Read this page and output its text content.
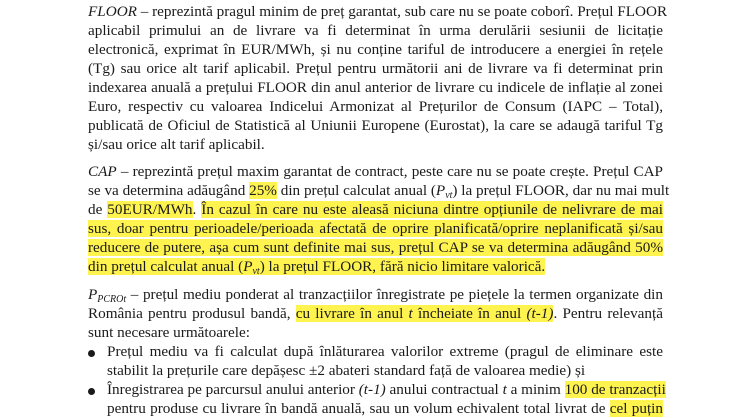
FLOOR – reprezintă pragul minim de preț garantat, sub care nu se poate coborî. Prețul FLOOR
aplicabil primului an de livrare va fi determinat în urma derulării sesiunii de licitație
electronică, exprimat în EUR/MWh, și nu conține tariful de introducere a energiei în rețele
(Tg) sau orice alt tarif aplicabil. Prețul pentru următorii ani de livrare va fi determinat prin
indexarea anuală a prețului FLOOR din anul anterior de livrare cu indicele de inflație al zonei
Euro, respectiv cu valoarea Indicelui Armonizat al Prețurilor de Consum (IAPC – Total),
publicată de Oficiul de Statistică al Uniunii Europene (Eurostat), la care se adaugă tariful Tg
și/sau orice alt tarif aplicabil.
CAP – reprezintă prețul maxim garantat de contract, peste care nu se poate crește. Prețul CAP
se va determina adăugând 25% din prețul calculat anual $(P_{vt})$ la prețul FLOOR, dar nu mai mult
de 50EUR/MWh. În cazul în care nu este aleasă niciuna dintre opțiunile de nelivrare de mai
sus, doar pentru perioadele/perioada afectată de oprire planificată/oprire neplanificată și/sau
reducere de putere, așa cum sunt definite mai sus, prețul CAP se va determina adăugând 50%
din prețul calculat anual $(P_{vt})$ la prețul FLOOR, fără nicio limitare valorică.
$P_{PCROt}$ – prețul mediu ponderat al tranzacțiilor înregistrate pe piețele la termen organizate din
România pentru produsul bandă, cu livrare în anul t încheiate în anul (t-1). Pentru relevanță
sunt necesare următoarele:
Prețul mediu va fi calculat după înlăturarea valorilor extreme (pragul de eliminare este
stabilit la prețurile care depășesc ±2 abateri standard față de valoarea medie) și
Înregistrarea pe parcursul anului anterior (t-1) anului contractual t a minim 100 de tranzacții
pentru produse cu livrare în bandă anuală, sau un volum echivalent total livrat de cel puțin
